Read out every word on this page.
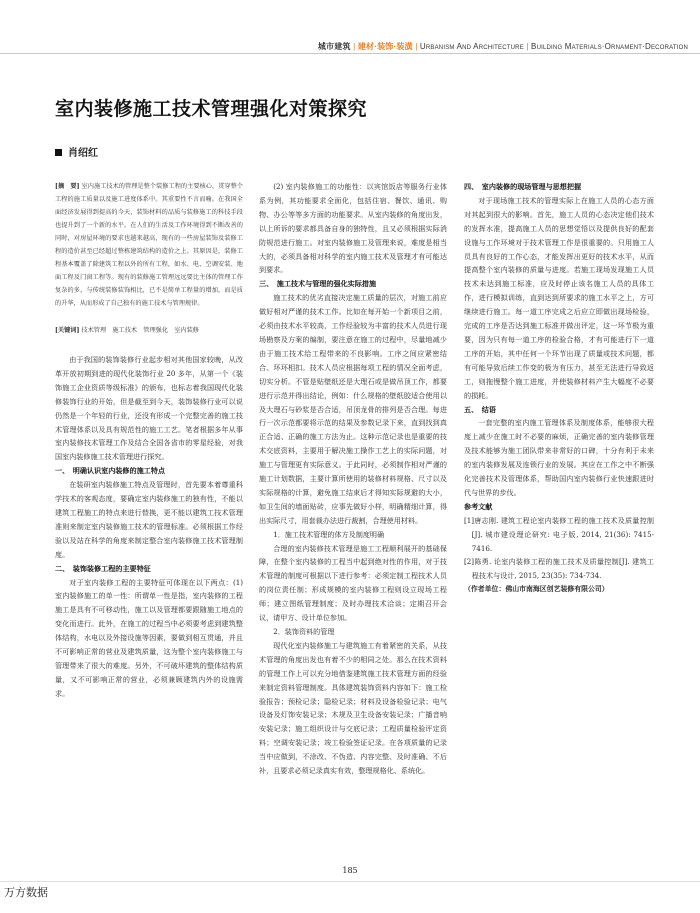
城市建筑 | 建材·装饰·装潢 | Urbanism And Architecture | Building Materials·Ornament·Decoration
室内装修施工技术管理强化对策探究
肖绍红

[摘　要] 室内施工技术的管理是整个装修工程的主要核心，贯穿整个工程的施工质量以及施工进度体系中。其重要性不言而喻。在我国全面经济发展得到提高的今天，装饰材料的品质与装修施工的科技手段也提升到了一个新的水平。在人们的生活及工作环境得到不断改善的同时，对房屋环境的要求也越来越高，现有的一些房屋装饰及装修工程的造价甚至已经超过整栋建筑结构的造价之上。其原因是，装修工程基本覆盖了除建筑工程以外的所有工程，如水、电、空调安装、地面工程及门窗工程等。现有的装修施工管理远远要比主体的管理工作复杂的多，与传统装修装饰相比，已不是简单工程量的增加，而是质的升华，从而形成了自己独有的施工技术与管理规律。

[关键词] 技术管理　施工技术　管理强化　室内装修

由于我国的装饰装修行业起步相对其他国家较晚，从改革开放初期到进的现代化装饰行业 20 多年，从第一个《装饰施工企业资质等级标准》的颁布，也标志着我国现代化装修装饰行业的开始，但是截至到今天，装饰装修行业可以说仍然是一个年轻的行业，还没有形成一个完整完善的施工技术管理体系以及具有规范性的施工工艺。笔者根据多年从事室内装修技术管理工作及结合全国各省市的零星经验，对我国室内装修施工技术管理进行探究。

一、　明确认识室内装修的施工特点

在装研室内装修施工特点及管理时，首先要本着尊重科学技术的客观态度，要确定室内装修施工的独有性，不能以建筑工程施工的特点来进行替换，更不能以建筑工技术管理准则来制定室内装修施工技术的管理标准。必须根据工作经验以及站在科学的角度来制定整合室内装修施工技术管理制度。

二、　装饰装修工程的主要特征

对于室内装修工程的主要特征可体现在以下两点：(1) 室内装修施工的单一性：所谓单一性是指，室内装修的工程施工是具有不可移动性，施工以及管理都要跟随施工地点的变化而进行。此外，在施工的过程当中必须要考虑到建筑整体结构，水电以及外接设施等因素，要做到相互贯通，并且不可影响正常的营业及建筑质量，这为整个室内装修施工与管理带来了很大的难度。另外，不可破坏建筑的整体结构质量，又不可影响正常的营业，必须兼顾建筑内外的设施需求。

(2) 室内装修施工的功能性：以宾馆饭店等服务行业体系为例，其功能要求全面化，包括住宿、餐饮、通讯、购物、办公等等多方面的功能要求。从室内装修的角度出发，以上所诉的要求都具备自身的独特性，且又必须根据实际消防规范进行施工。对室内装修施工及管理来说，难度是相当大的，必须具备相对科学的室内施工技术及管理才有可能达到要求。

三、　施工技术与管理的强化实际措施

施工技术的优劣直接决定施工质量的层次，对施工前应做好相对严谨的技术工作。比如在每开始一个新项目之前，必须由技术水平较高，工作经验较为丰富的技术人员进行现场勘察及方案的编制，要注意在施工的过程中，尽量地减少由于施工技术给工程带来的不良影响。工序之间应紧密结合、环环相扣。技术人员应根据每项工程的情况全面考虑，切实分析。不管是贴壁纸还是大理石或是做吊顶工作，都要进行示范并得出结论，例如：什么规格的壁纸胶适合使用以及大理石与砂浆是否合适，吊顶龙骨的排列是否合理。每进行一次示范都要将示范的结果及参数记录下来，直到找到真正合适、正确的施工方法为止。这种示范记录也是重要的技术交底资料，主要用于解决施工操作工艺上的实际问题，对施工与管理更有实际意义。于此同时，必须制作相对严谨的施工计划数据，主要计算所使用的装修材料规格、尺寸以及实际规格的计算，避免施工结束后才得知实际规避的大小，如卫生间的墙面贴砖，应事先做好小样，明确精细计算，得出实际尺寸，用套裁办法进行裁割，合理使用材料。

1．施工技术管理的体方及制度明确

合理的室内装修技术管理是施工工程顺利展开的基础保障，在整个室内装修的工程当中起到绝对性的作用，对于技术管理的制度可根据以下进行参考：必须定制工程技术人员的岗位责任制；形成规模的室内装修工程则设立现场工程师；建立图纸管理制度；及时办理技术洽谈；定期召开会议，请甲方、设计单位参加。

2．装饰资料的管理

现代化室内装修施工与建筑施工有着紧密的关系，从技术管理的角度出发也有着不少的相同之处。那么在技术资料的管理工作上可以充分地借鉴建筑施工技术管理方面的经验来制定资料管理制度。具体建筑装饰资料内容如下：施工检验报告；预检记录；隐检记录；材料及设备检验记录；电气设备及灯饰安装记录；木规及卫生设备安装记录；广播音响安装记录；施工组织设计与交底记录；工程质量检验评定资料；空调安装记录；竣工检验签证记录。在各项质量的记录当中应做到，不涂改、不伪造、内容完整、及时准确、不后补，且要求必须记录真实有效，整理规格化、系统化。

四、　室内装修的现场管理与思想把握

对于现场施工技术的管理实际上在施工人员的心态方面对其起到很大的影响。首先，施工人员的心态决定他们技术的发挥水准，提高施工人员的思想觉悟以及提供良好的配套设施与工作环境对于技术管理工作是很重要的。只用施工人员具有良好的工作心态，才能发挥出更好的技术水平，从而提高整个室内装修的质量与进度。若施工现场发现施工人员技术未达到施工标准，应及时停止该名施工人员的具体工作，进行模拟训练，直到达到所要求的施工水平之上，方可继续进行施工。每一道工序完成之后应立即做出现场检验，完成的工序是否达到施工标准并做出评定，这一环节极为重要，因为只有每一道工序的检验合格，才有可能进行下一道工序的开始，其中任何一个环节出现了质量或技术问题，都有可能导致后续工作变的极为有压力，甚至无法进行导致返工，则拖慢整个施工进度，并使装修材料产生大幅度不必要的损耗。

五、　结语

一套完整的室内施工管理体系及制度体系，能够很大程度上减少在施工时不必要的麻烦，正确完善的室内装修管理及技术能够为施工团队带来非常好的口碑，十分有利于未来的室内装修发展及连锁行业的发展。其应在工作之中不断强化完善技术及管理体系，帮助国内室内装修行业快速跟进时代与世界的步伐。

参考文献

[1]唐志刚. 建筑工程论室内装修工程的施工技术及质量控制[J]. 城市建设理论研究: 电子版, 2014, 21(36): 7415-7416.

[2]陈勇. 论室内装修工程的施工技术及质量控制[J]. 建筑工程技术与设计, 2015, 23(35): 734-734.

（作者单位：佛山市南海区创艺装修有限公司）

185
万方数据
